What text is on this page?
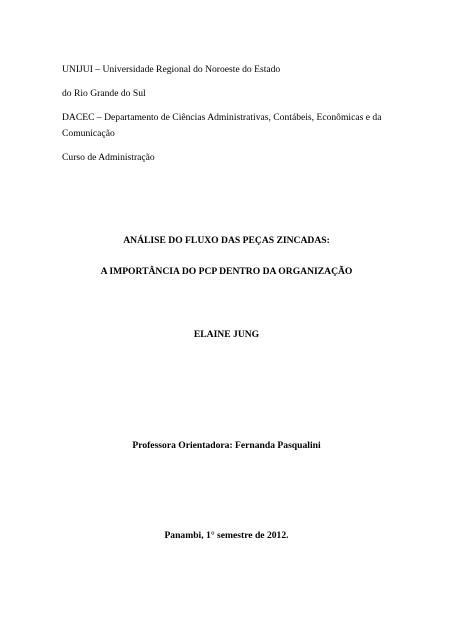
UNIJUI – Universidade Regional do Noroeste do Estado
do Rio Grande do Sul
DACEC – Departamento de Ciências Administrativas, Contábeis, Econômicas e da
Comunicação
Curso de Administração
ANÁLISE DO FLUXO DAS PEÇAS ZINCADAS:
A IMPORTÂNCIA DO PCP DENTRO DA ORGANIZAÇÃO
ELAINE JUNG
Professora Orientadora: Fernanda Pasqualini
Panambi, 1° semestre de 2012.
